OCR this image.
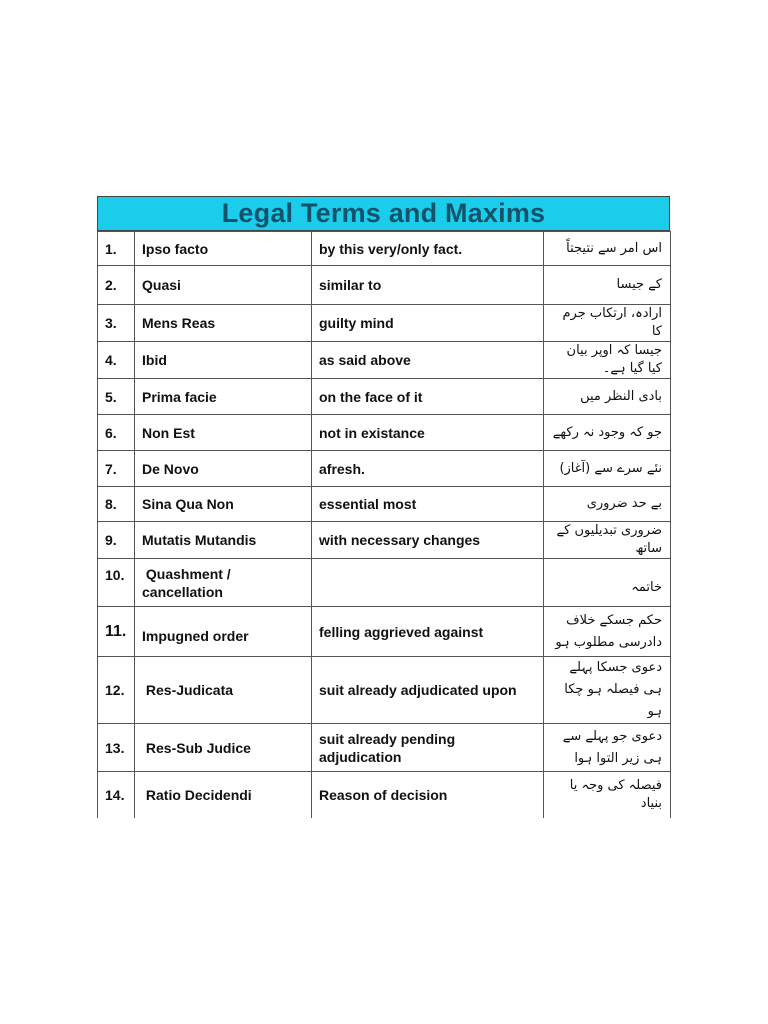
Legal Terms and Maxims
1.	Ipso facto	by this very/only fact.	اس امر سے نتیجتاً
2.	Quasi	similar to	کے جیسا
3.	Mens Reas	guilty mind	ارادہ، ارتکاب جرم کا
4.	Ibid	as said above	جیسا کہ اوپر بیان کیا گیا ہے۔
5.	Prima facie	on the face of it	بادی النظر میں
6.	Non Est	not in existance	جو کہ وجود نہ رکھے
7.	De Novo	afresh.	نئے سرے سے (آغاز)
8.	Sina Qua Non	essential most	بے حد ضروری
9.	Mutatis Mutandis	with necessary changes	ضروری تبدیلیوں کے ساتھ
10.	Quashment / cancellation		خاتمہ
11.	Impugned order	felling aggrieved against	حکم جسکے خلاف دادرسی مطلوب ہو
12.	Res-Judicata	suit already adjudicated upon	دعوی جسکا پہلے ہی فیصلہ ہو چکا ہو
13.	Res-Sub Judice	suit already pending adjudication	دعوی جو پہلے سے ہی زیر التوا ہوا
14.	Ratio Decidendi	Reason of decision	فیصلہ کی وجہ یا بنیاد
